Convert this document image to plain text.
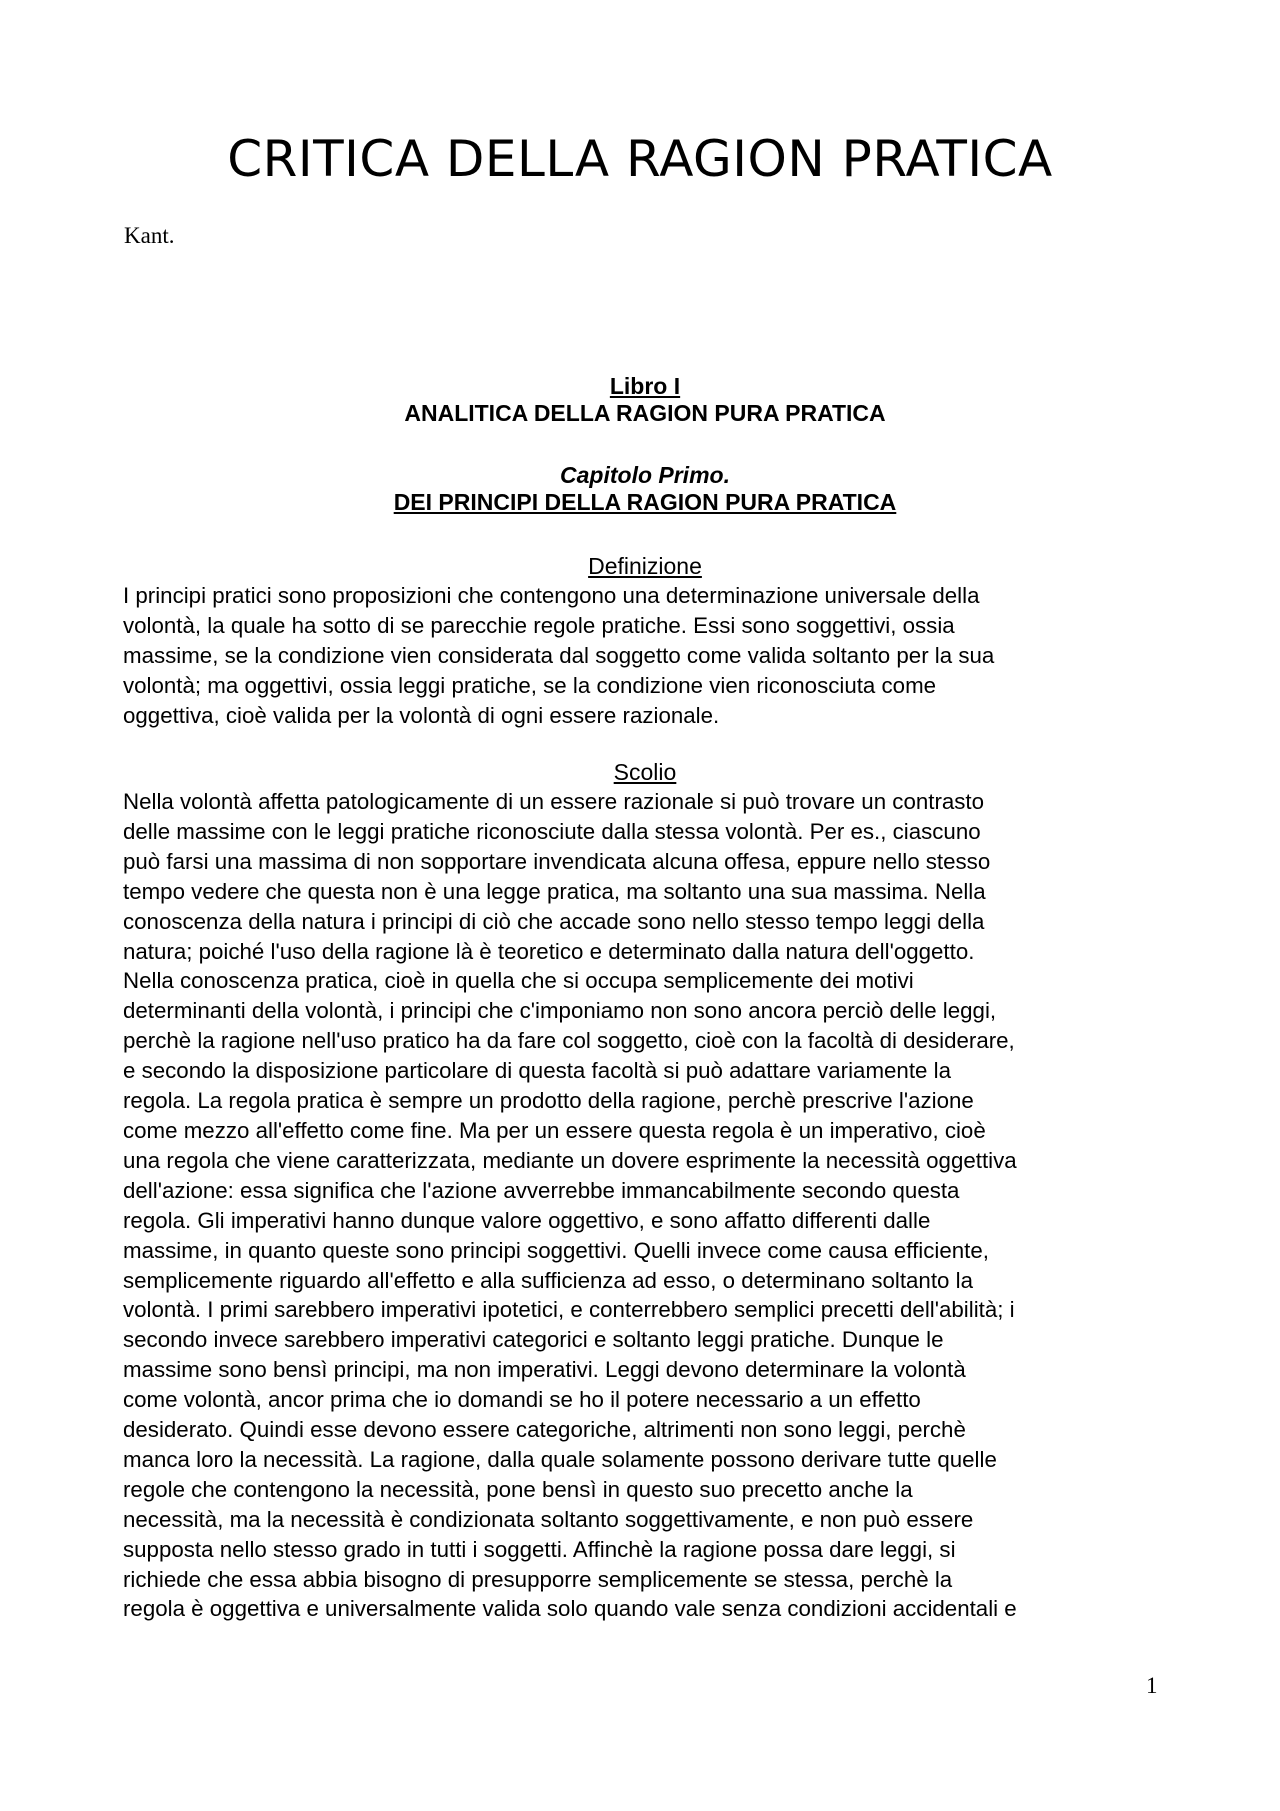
CRITICA DELLA RAGION PRATICA
Kant.
Libro I
ANALITICA DELLA RAGION PURA PRATICA
Capitolo Primo.
DEI PRINCIPI DELLA RAGION PURA PRATICA
Definizione
I principi pratici sono proposizioni che contengono una determinazione universale della
volontà, la quale ha sotto di se parecchie regole pratiche. Essi sono soggettivi, ossia
massime, se la condizione vien considerata dal soggetto come valida soltanto per la sua
volontà; ma oggettivi, ossia leggi pratiche, se la condizione vien riconosciuta come
oggettiva, cioè valida per la volontà di ogni essere razionale.
Scolio
Nella volontà affetta patologicamente di un essere razionale si può trovare un contrasto
delle massime con le leggi pratiche riconosciute dalla stessa volontà. Per es., ciascuno
può farsi una massima di non sopportare invendicata alcuna offesa, eppure nello stesso
tempo vedere che questa non è una legge pratica, ma soltanto una sua massima. Nella
conoscenza della natura i principi di ciò che accade sono nello stesso tempo leggi della
natura; poiché l'uso della ragione là è teoretico e determinato dalla natura dell'oggetto.
Nella conoscenza pratica, cioè in quella che si occupa semplicemente dei motivi
determinanti della volontà, i principi che c'imponiamo non sono ancora perciò delle leggi,
perchè la ragione nell'uso pratico ha da fare col soggetto, cioè con la facoltà di desiderare,
e secondo la disposizione particolare di questa facoltà si può adattare variamente la
regola. La regola pratica è sempre un prodotto della ragione, perchè prescrive l'azione
come mezzo all'effetto come fine. Ma per un essere questa regola è un imperativo, cioè
una regola che viene caratterizzata, mediante un dovere esprimente la necessità oggettiva
dell'azione: essa significa che l'azione avverrebbe immancabilmente secondo questa
regola. Gli imperativi hanno dunque valore oggettivo, e sono affatto differenti dalle
massime, in quanto queste sono principi soggettivi. Quelli invece come causa efficiente,
semplicemente riguardo all'effetto e alla sufficienza ad esso, o determinano soltanto la
volontà. I primi sarebbero imperativi ipotetici, e conterrebbero semplici precetti dell'abilità; i
secondo invece sarebbero imperativi categorici e soltanto leggi pratiche. Dunque le
massime sono bensì principi, ma non imperativi. Leggi devono determinare la volontà
come volontà, ancor prima che io domandi se ho il potere necessario a un effetto
desiderato. Quindi esse devono essere categoriche, altrimenti non sono leggi, perchè
manca loro la necessità. La ragione, dalla quale solamente possono derivare tutte quelle
regole che contengono la necessità, pone bensì in questo suo precetto anche la
necessità, ma la necessità è condizionata soltanto soggettivamente, e non può essere
supposta nello stesso grado in tutti i soggetti. Affinchè la ragione possa dare leggi, si
richiede che essa abbia bisogno di presupporre semplicemente se stessa, perchè la
regola è oggettiva e universalmente valida solo quando vale senza condizioni accidentali e
1
